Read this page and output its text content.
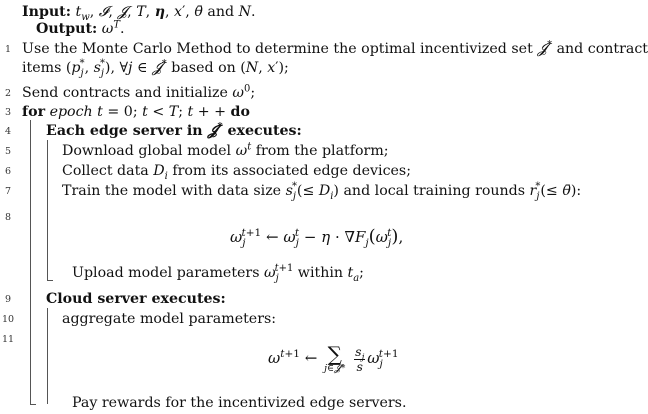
Input: $t_w$, 𝓘, 𝓙, T, η, x′, θ̄ and N.
Output: $\omega^T$.
1 Use the Monte Carlo Method to determine the optimal incentivized set 𝓙* and contract
items ($p_j^*$, $s_j^*$), ∀j ∈ 𝓙* based on (N, x′);
2 Send contracts and initialize $\omega^0$;
3 for epoch t = 0; t < T; t + + do
4	Each edge server in 𝓙* executes:
5	Download global model $\omega^t$ from the platform;
6	Collect data $D_i$ from its associated edge devices;
7	Train the model with data size $s_j^*(\le D_i)$ and local training rounds $r_j^*(\le$ θ̄):
8
$\omega_j^{t+1}$ ← $\omega_j^t - \eta \cdot \nabla F_j(\omega_j^t)$,
Upload model parameters $\omega_j^{t+1}$ within $t_a$;
9	Cloud server executes:
10	aggregate model parameters:
11
$\omega^{t+1}$ ← ∑
j∈𝓙*
$\frac{s_j}{s} \omega_j^{t+1}$
Pay rewards for the incentivized edge servers.
